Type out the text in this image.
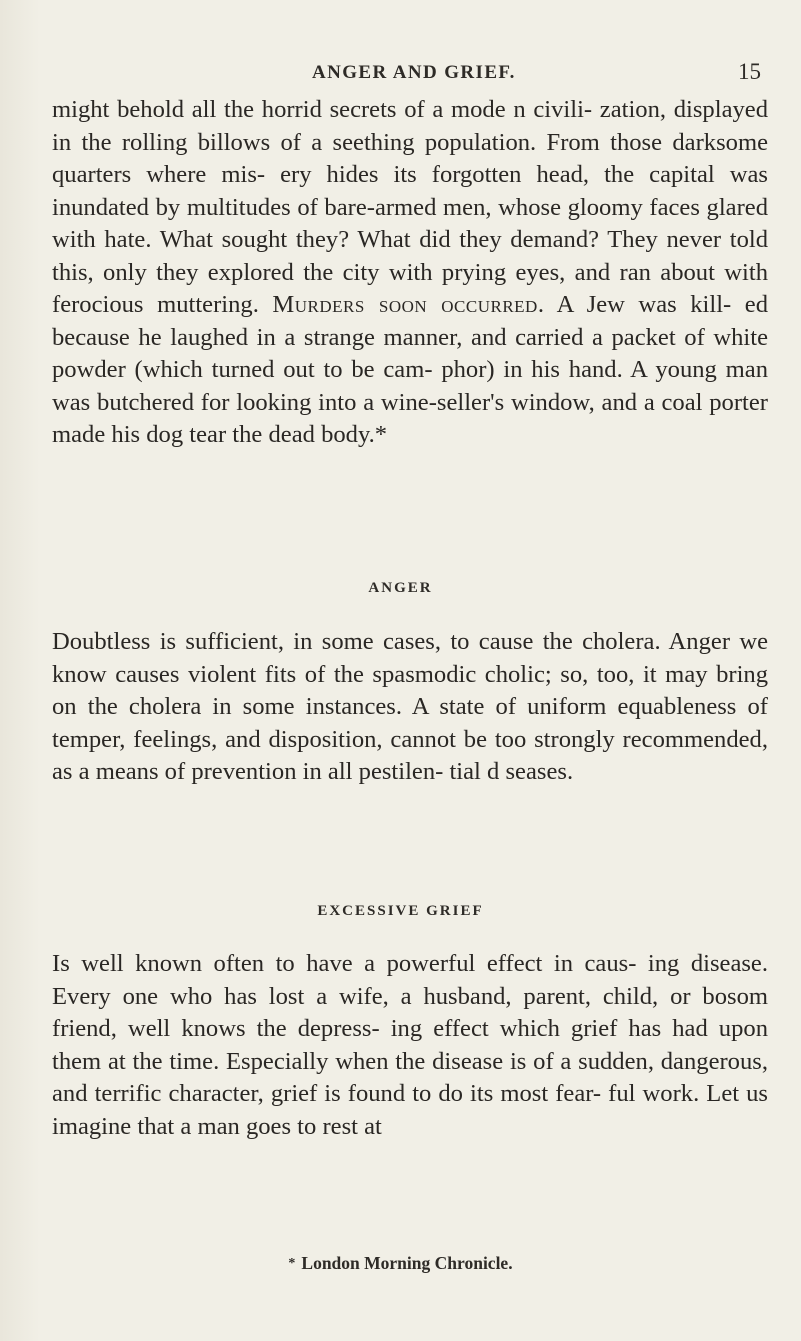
ANGER AND GRIEF.	15

might behold all the horrid secrets of a mode n civili- zation, displayed in the rolling billows of a seething population. From those darksome quarters where mis- ery hides its forgotten head, the capital was inundated by multitudes of bare-armed men, whose gloomy faces glared with hate. What sought they? What did they demand? They never told this, only they explored the city with prying eyes, and ran about with ferocious muttering. Murders soon occurred. A Jew was kill- ed because he laughed in a strange manner, and carried a packet of white powder (which turned out to be cam- phor) in his hand. A young man was butchered for looking into a wine-seller's window, and a coal porter made his dog tear the dead body.*

ANGER

Doubtless is sufficient, in some cases, to cause the cholera. Anger we know causes violent fits of the spasmodic cholic; so, too, it may bring on the cholera in some instances. A state of uniform equableness of temper, feelings, and disposition, cannot be too strongly recommended, as a means of prevention in all pestilen- tial d seases.

EXCESSIVE GRIEF

Is well known often to have a powerful effect in caus- ing disease. Every one who has lost a wife, a husband, parent, child, or bosom friend, well knows the depress- ing effect which grief has had upon them at the time. Especially when the disease is of a sudden, dangerous, and terrific character, grief is found to do its most fear- ful work. Let us imagine that a man goes to rest at

* London Morning Chronicle.
